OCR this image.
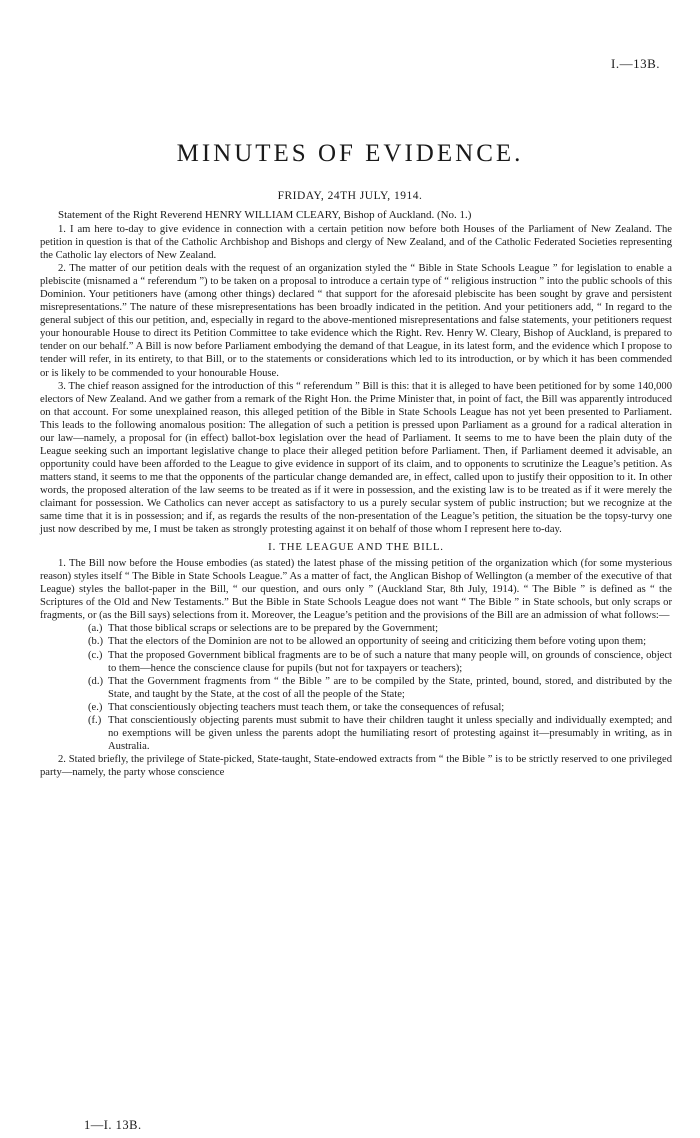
I.—13B.
MINUTES OF EVIDENCE.
FRIDAY, 24TH JULY, 1914.

Statement of the Right Reverend HENRY WILLIAM CLEARY, Bishop of Auckland. (No. 1.)

1. I am here to-day to give evidence in connection with a certain petition now before both Houses of the Parliament of New Zealand. The petition in question is that of the Catholic Archbishop and Bishops and clergy of New Zealand, and of the Catholic Federated Societies representing the Catholic lay electors of New Zealand.

2. The matter of our petition deals with the request of an organization styled the “ Bible in State Schools League ” for legislation to enable a plebiscite (misnamed a “ referendum ”) to be taken on a proposal to introduce a certain type of “ religious instruction ” into the public schools of this Dominion. Your petitioners have (among other things) declared “ that support for the aforesaid plebiscite has been sought by grave and persistent misrepresentations.” The nature of these misrepresentations has been broadly indicated in the petition. And your petitioners add, “ In regard to the general subject of this our petition, and, especially in regard to the above-mentioned misrepresentations and false statements, your petitioners request your honourable House to direct its Petition Committee to take evidence which the Right. Rev. Henry W. Cleary, Bishop of Auckland, is prepared to tender on our behalf.” A Bill is now before Parliament embodying the demand of that League, in its latest form, and the evidence which I propose to tender will refer, in its entirety, to that Bill, or to the statements or considerations which led to its introduction, or by which it has been commended or is likely to be commended to your honourable House.

3. The chief reason assigned for the introduction of this “ referendum ” Bill is this: that it is alleged to have been petitioned for by some 140,000 electors of New Zealand. And we gather from a remark of the Right Hon. the Prime Minister that, in point of fact, the Bill was apparently introduced on that account. For some unexplained reason, this alleged petition of the Bible in State Schools League has not yet been presented to Parliament. This leads to the following anomalous position: The allegation of such a petition is pressed upon Parliament as a ground for a radical alteration in our law—namely, a proposal for (in effect) ballot-box legislation over the head of Parliament. It seems to me to have been the plain duty of the League seeking such an important legislative change to place their alleged petition before Parliament. Then, if Parliament deemed it advisable, an opportunity could have been afforded to the League to give evidence in support of its claim, and to opponents to scrutinize the League’s petition. As matters stand, it seems to me that the opponents of the particular change demanded are, in effect, called upon to justify their opposition to it. In other words, the proposed alteration of the law seems to be treated as if it were in possession, and the existing law is to be treated as if it were merely the claimant for possession. We Catholics can never accept as satisfactory to us a purely secular system of public instruction; but we recognize at the same time that it is in possession; and if, as regards the results of the non-presentation of the League’s petition, the situation be the topsy-turvy one just now described by me, I must be taken as strongly protesting against it on behalf of those whom I represent here to-day.

I. THE LEAGUE AND THE BILL.

1. The Bill now before the House embodies (as stated) the latest phase of the missing petition of the organization which (for some mysterious reason) styles itself “ The Bible in State Schools League.” As a matter of fact, the Anglican Bishop of Wellington (a member of the executive of that League) styles the ballot-paper in the Bill, “ our question, and ours only ” (Auckland Star, 8th July, 1914). “ The Bible ” is defined as “ the Scriptures of the Old and New Testaments.” But the Bible in State Schools League does not want “ The Bible ” in State schools, but only scraps or fragments, or (as the Bill says) selections from it. Moreover, the League’s petition and the provisions of the Bill are an admission of what follows:—

(a.) That those biblical scraps or selections are to be prepared by the Government;
(b.) That the electors of the Dominion are not to be allowed an opportunity of seeing and criticizing them before voting upon them;
(c.) That the proposed Government biblical fragments are to be of such a nature that many people will, on grounds of conscience, object to them—hence the conscience clause for pupils (but not for taxpayers or teachers);
(d.) That the Government fragments from “ the Bible ” are to be compiled by the State, printed, bound, stored, and distributed by the State, and taught by the State, at the cost of all the people of the State;
(e.) That conscientiously objecting teachers must teach them, or take the consequences of refusal;
(f.) That conscientiously objecting parents must submit to have their children taught it unless specially and individually exempted; and no exemptions will be given unless the parents adopt the humiliating resort of protesting against it—presumably in writing, as in Australia.

2. Stated briefly, the privilege of State-picked, State-taught, State-endowed extracts from “ the Bible ” is to be strictly reserved to one privileged party—namely, the party whose conscience

1—I. 13B.
